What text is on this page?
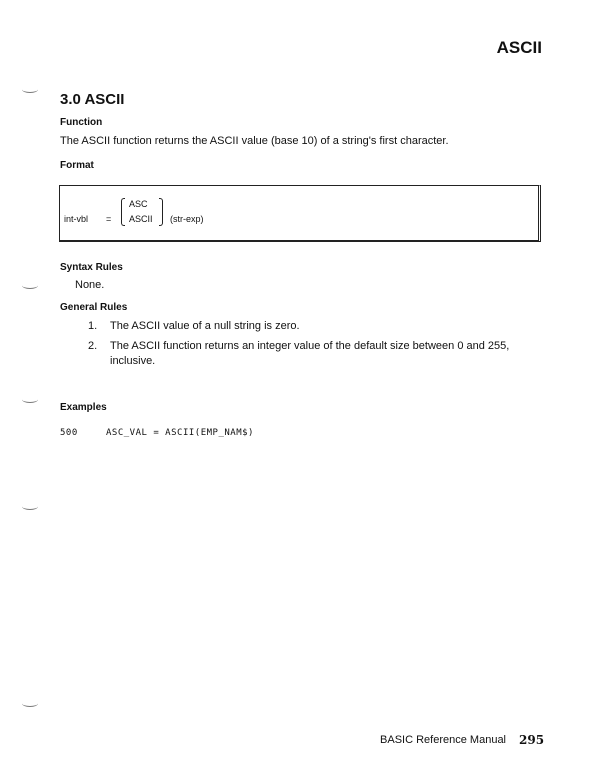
ASCII
3.0 ASCII
Function
The ASCII function returns the ASCII value (base 10) of a string's first character.
Format
int-vbl =
ASC
ASCII (str-exp)
Syntax Rules
None.
General Rules
1. The ASCII value of a null string is zero.
2. The ASCII function returns an integer value of the default size between 0 and 255,
inclusive.
Examples
500	ASC_VAL = ASCII(EMP_NAM$)
BASIC Reference Manual 295
